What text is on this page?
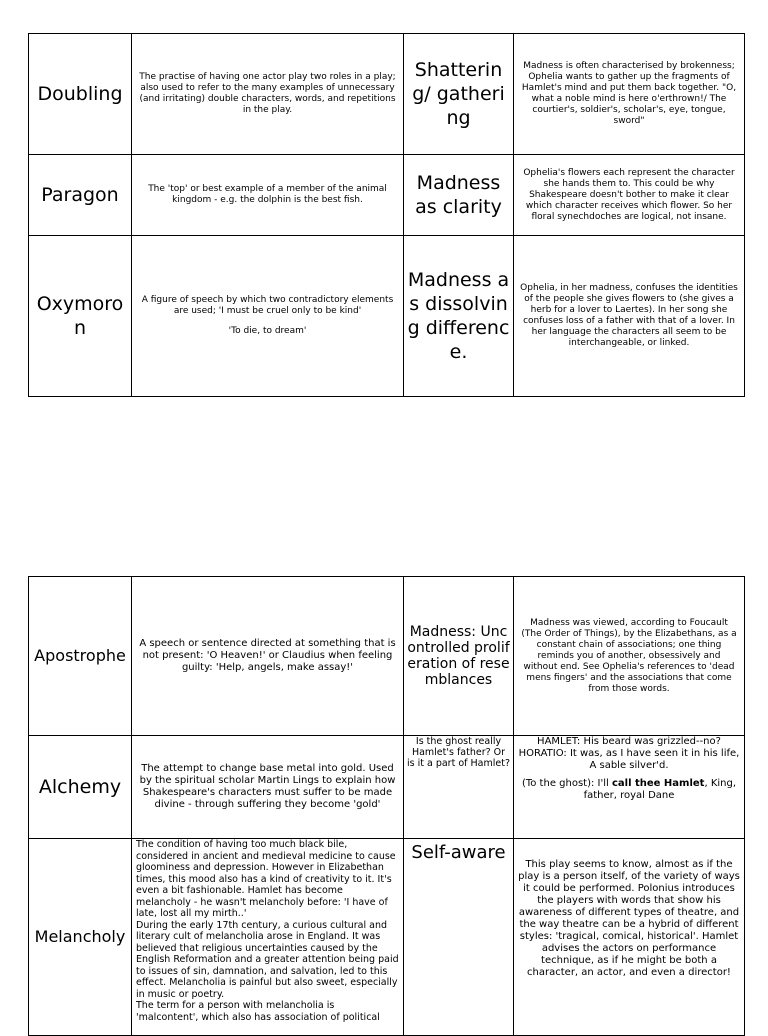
Doubling
The practise of having one actor play two roles in a play; also used to refer to the many examples of unnecessary (and irritating) double characters, words, and repetitions in the play.
Shattering/ gathering
Madness is often characterised by brokenness; Ophelia wants to gather up the fragments of Hamlet's mind and put them back together. "O, what a noble mind is here o'erthrown!/ The courtier's, soldier's, scholar's, eye, tongue, sword"
Paragon	The 'top' or best example of a member of the animal kingdom - e.g. the dolphin is the best fish.
Madness as clarity
Ophelia's flowers each represent the character she hands them to. This could be why Shakespeare doesn't bother to make it clear which character receives which flower. So her floral synechdoches are logical, not insane.
Oxymoron

A figure of speech by which two contradictory elements are used; 'I must be cruel only to be kind'

'To die, to dream'

Madness as dissolving difference.
Ophelia, in her madness, confuses the identities of the people she gives flowers to (she gives a herb for a lover to Laertes). In her song she confuses loss of a father with that of a lover. In her language the characters all seem to be interchangeable, or linked.
Apostrophe
A speech or sentence directed at something that is not present: 'O Heaven!' or Claudius when feeling guilty: 'Help, angels, make assay!'
Madness: Uncontrolled proliferation of resemblances
Madness was viewed, according to Foucault (The Order of Things), by the Elizabethans, as a constant chain of associations; one thing reminds you of another, obsessively and without end. See Ophelia's references to 'dead mens fingers' and the associations that come from those words.
Alchemy
The attempt to change base metal into gold. Used by the spiritual scholar Martin Lings to explain how Shakespeare's characters must suffer to be made divine - through suffering they become 'gold'
Is the ghost really Hamlet's father? Or is it a part of Hamlet?

HAMLET: His beard was grizzled--no?

HORATIO: It was, as I have seen it in his life, A sable silver'd.

(To the ghost): I'll call thee Hamlet, King, father, royal Dane

Melancholy

The condition of having too much black bile, considered in ancient and medieval medicine to cause gloominess and depression. However in Elizabethan times, this mood also has a kind of creativity to it. It's even a bit fashionable. Hamlet has become melancholy - he wasn't melancholy before: 'I have of late, lost all my mirth..'

During the early 17th century, a curious cultural and literary cult of melancholia arose in England. It was believed that religious uncertainties caused by the English Reformation and a greater attention being paid to issues of sin, damnation, and salvation, led to this effect. Melancholia is painful but also sweet, especially in music or poetry.

The term for a person with melancholia is 'malcontent', which also has association of political

Self-aware
This play seems to know, almost as if the play is a person itself, of the variety of ways it could be performed. Polonius introduces the players with words that show his awareness of different types of theatre, and the way theatre can be a hybrid of different styles: 'tragical, comical, historical'. Hamlet advises the actors on performance technique, as if he might be both a character, an actor, and even a director!
